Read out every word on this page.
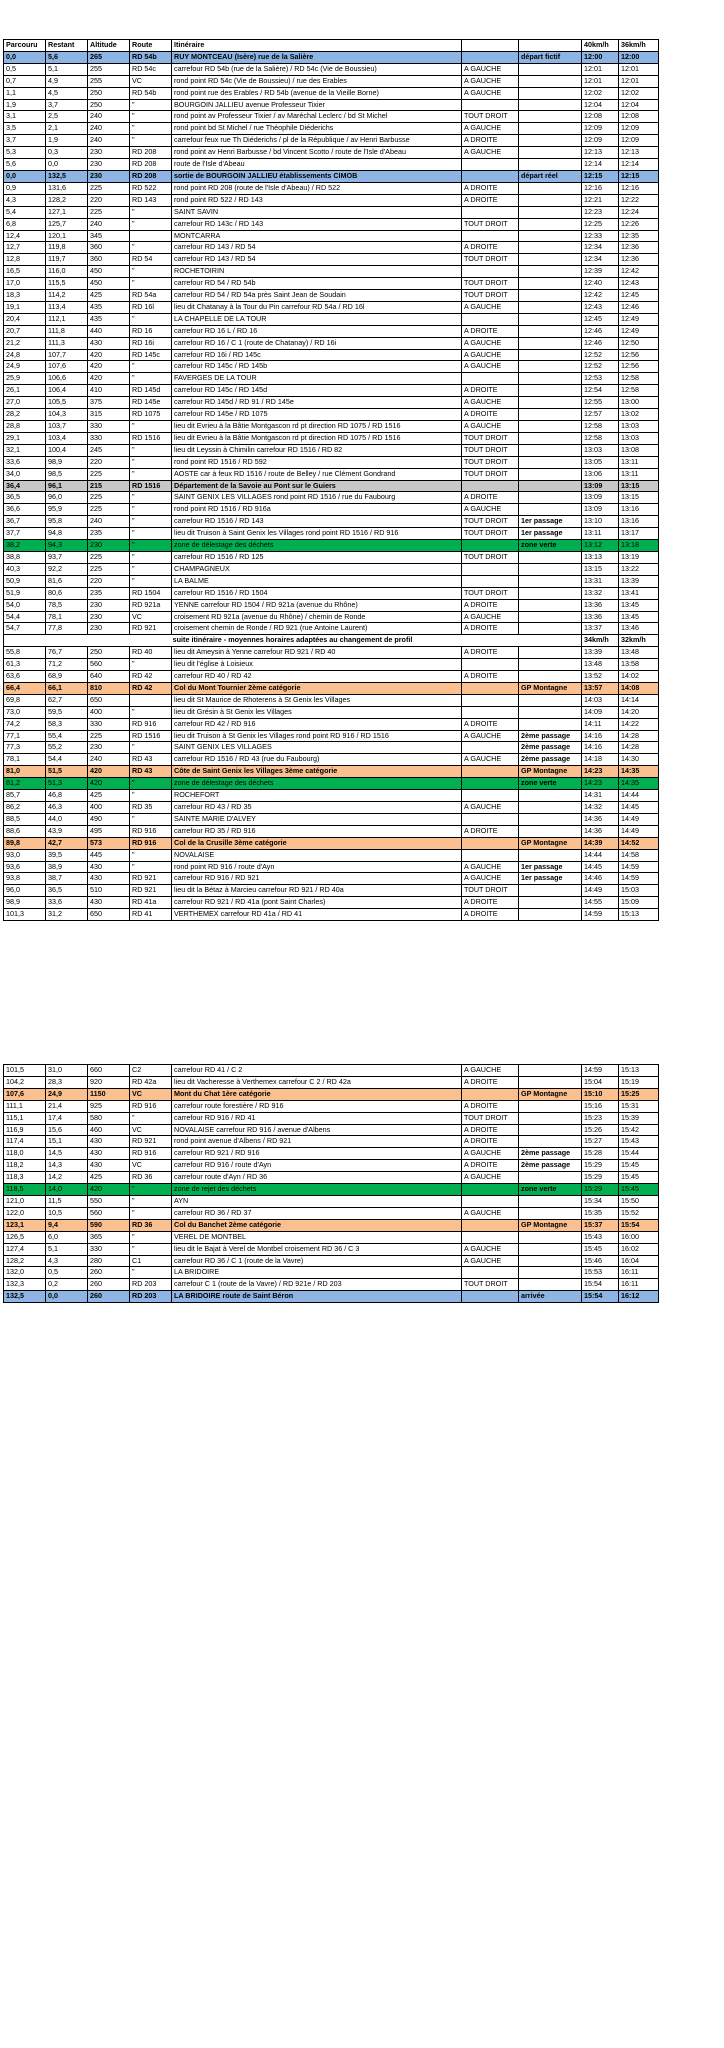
Parcouru	Restant	Altitude	Route	Itinéraire			40km/h	36km/h
0,0	5,6	265	RD 54b	RUY MONTCEAU (Isère) rue de la Salière		départ fictif	12:00	12:00
0,5	5,1	255	RD 54c	carrefour RD 54b (rue de la Salière) / RD 54c (Vie de Boussieu)	A GAUCHE		12:01	12:01
0,7	4,9	255	VC	rond point RD 54c (Vie de Boussieu) / rue des Erables	A GAUCHE		12:01	12:01
1,1	4,5	250	RD 54b	rond point rue des Erables / RD 54b (avenue de la Vieille Borne)	A GAUCHE		12:02	12:02
1,9	3,7	250	"	BOURGOIN JALLIEU avenue Professeur Tixier			12:04	12:04
3,1	2,5	240	"	rond point av Professeur Tixier / av Maréchal Leclerc / bd St Michel	TOUT DROIT		12:08	12:08
3,5	2,1	240	"	rond point bd St Michel / rue Théophile Diéderichs	A GAUCHE		12:09	12:09
3,7	1,9	240	"	carrefour feux rue Th Diéderichs / pl de la République / av Henri Barbusse	A DROITE		12:09	12:09
5,3	0,3	230	RD 208	rond point av Henri Barbusse / bd Vincent Scotto / route de l'Isle d'Abeau	A GAUCHE		12:13	12:13
5,6	0,0	230	RD 208	route de l'Isle d'Abeau			12:14	12:14
0,0	132,5	230	RD 208	sortie de BOURGOIN JALLIEU établissements CIMOB		départ réel	12:15	12:15
0,9	131,6	225	RD 522	rond point RD 208 (route de l'Isle d'Abeau) / RD 522	A DROITE		12:16	12:16
4,3	128,2	220	RD 143	rond point RD 522 / RD 143	A DROITE		12:21	12:22
5,4	127,1	225	"	SAINT SAVIN			12:23	12:24
6,8	125,7	240	"	carrefour RD 143c / RD 143	TOUT DROIT		12:25	12:26
12,4	120,1	345		MONTCARRA			12:33	12:35
12,7	119,8	360	"	carrefour RD 143 / RD 54	A DROITE		12:34	12:36
12,8	119,7	360	RD 54	carrefour RD 143 / RD 54	TOUT DROIT		12:34	12:36
16,5	116,0	450	"	ROCHETOIRIN			12:39	12:42
17,0	115,5	450	"	carrefour RD 54 / RD 54b	TOUT DROIT		12:40	12:43
18,3	114,2	425	RD 54a	carrefour RD 54 / RD 54a près Saint Jean de Soudain	TOUT DROIT		12:42	12:45
19,1	113,4	435	RD 16l	lieu dit Chatanay à la Tour du Pin carrefour RD 54a / RD 16l	A GAUCHE		12:43	12:46
20,4	112,1	435	"	LA CHAPELLE DE LA TOUR			12:45	12:49
20,7	111,8	440	RD 16	carrefour RD 16 L / RD 16	A DROITE		12:46	12:49
21,2	111,3	430	RD 16i	carrefour RD 16 / C 1 (route de Chatanay) / RD 16i	A GAUCHE		12:46	12:50
24,8	107,7	420	RD 145c	carrefour RD 16i / RD 145c	A GAUCHE		12:52	12:56
24,9	107,6	420	"	carrefour RD 145c / RD 145b	A GAUCHE		12:52	12:56
25,9	106,6	420	"	FAVERGES DE LA TOUR			12:53	12:58
26,1	106,4	410	RD 145d	carrefour RD 145c / RD 145d	A DROITE		12:54	12:58
27,0	105,5	375	RD 145e	carrefour RD 145d / RD 91 / RD 145e	A GAUCHE		12:55	13:00
28,2	104,3	315	RD 1075	carrefour RD 145e / RD 1075	A DROITE		12:57	13:02
28,8	103,7	330	"	lieu dit Evrieu à la Bâtie Montgascon rd pt direction RD 1075 / RD 1516	A GAUCHE		12:58	13:03
29,1	103,4	330	RD 1516	lieu dit Evrieu à la Bâtie Montgascon rd pt direction RD 1075 / RD 1516	TOUT DROIT		12:58	13:03
32,1	100,4	245	"	lieu dit Leyssin à Chimilin carrefour RD 1516 / RD 82	TOUT DROIT		13:03	13:08
33,6	98,9	220	"	rond point RD 1516 / RD 592	TOUT DROIT		13:05	13:11
34,0	98,5	225	"	AOSTE car à feux RD 1516 / route de Belley / rue Clément Gondrand	TOUT DROIT		13:06	13:11
36,4	96,1	215	RD 1516	Département de la Savoie au Pont sur le Guiers			13:09	13:15
36,5	96,0	225	"	SAINT GENIX LES VILLAGES rond point RD 1516 / rue du Faubourg	A DROITE		13:09	13:15
36,6	95,9	225	"	rond point RD 1516 / RD 916a	A GAUCHE		13:09	13:16
36,7	95,8	240	"	carrefour RD 1516 / RD 143	TOUT DROIT	1er passage	13:10	13:16
37,7	94,8	235	"	lieu dit Truison à Saint Genix les Villages rond point RD 1516 / RD 916	TOUT DROIT	1er passage	13:11	13:17
38,2	94,3	230	"	zone de délestage des déchets		zone verte	13:12	13:18
38,8	93,7	225	"	carrefour RD 1516 / RD 125	TOUT DROIT		13:13	13:19
40,3	92,2	225	"	CHAMPAGNEUX			13:15	13:22
50,9	81,6	220	"	LA BALME			13:31	13:39
51,9	80,6	235	RD 1504	carrefour RD 1516 / RD 1504	TOUT DROIT		13:32	13:41
54,0	78,5	230	RD 921a	YENNE carrefour RD 1504 / RD 921a (avenue du Rhône)	A DROITE		13:36	13:45
54,4	78,1	230	VC	croisement RD 921a (avenue du Rhône) / chemin de Ronde	A GAUCHE		13:36	13:45
54,7	77,8	230	RD 921	croisement chemin de Ronde / RD 921 (rue Antoine Laurent)	A DROITE		13:37	13:46
suite itinéraire - moyennes horaires adaptées au changement de profil							34km/h	32km/h
55,8	76,7	250	RD 40	lieu dit Ameysin à Yenne carrefour RD 921 / RD 40	A DROITE		13:39	13:48
61,3	71,2	560	"	lieu dit l'église à Loisieux			13:48	13:58
63,6	68,9	640	RD 42	carrefour RD 40 / RD 42	A DROITE		13:52	14:02
66,4	66,1	810	RD 42	Col du Mont Tournier 2ème catégorie		GP Montagne	13:57	14:08
69,8	62,7	650		lieu dit St Maurice de Rhoterens à St Genix les Villages			14:03	14:14
73,0	59,5	400	"	lieu dit Grésin à St Genix les Villages			14:09	14:20
74,2	58,3	330	RD 916	carrefour RD 42 / RD 916	A DROITE		14:11	14:22
77,1	55,4	225	RD 1516	lieu dit Truison à St Genix les Villages rond point RD 916 / RD 1516	A GAUCHE	2ème passage	14:16	14:28
77,3	55,2	230	"	SAINT GENIX LES VILLAGES		2ème passage	14:16	14:28
78,1	54,4	240	RD 43	carrefour RD 1516 / RD 43 (rue du Faubourg)	A GAUCHE	2ème passage	14:18	14:30
81,0	51,5	420	RD 43	Côte de Saint Genix les Villages 3ème catégorie		GP Montagne	14:23	14:35
81,2	51,3	420	"	zone de délestage des déchets		zone verte	14:23	14:35
85,7	46,8	425	"	ROCHEFORT			14:31	14:44
86,2	46,3	400	RD 35	carrefour RD 43 / RD 35	A GAUCHE		14:32	14:45
88,5	44,0	490	"	SAINTE MARIE D'ALVEY			14:36	14:49
88,6	43,9	495	RD 916	carrefour RD 35 / RD 916	A DROITE		14:36	14:49
89,8	42,7	573	RD 916	Col de la Crusille 3ème catégorie		GP Montagne	14:39	14:52
93,0	39,5	445	"	NOVALAISE			14:44	14:58
93,6	38,9	430	"	rond point RD 916 / route d'Ayn	A GAUCHE	1er passage	14:45	14:59
93,8	38,7	430	RD 921	carrefour RD 916 / RD 921	A GAUCHE	1er passage	14:46	14:59
96,0	36,5	510	RD 921	lieu dit la Bétaz à Marcieu carrefour RD 921 / RD 40a	TOUT DROIT		14:49	15:03
98,9	33,6	430	RD 41a	carrefour RD 921 / RD 41a (pont Saint Charles)	A DROITE		14:55	15:09
101,3	31,2	650	RD 41	VERTHEMEX carrefour RD 41a / RD 41	A DROITE		14:59	15:13
101,5	31,0	660	C2	carrefour RD 41 / C 2	A GAUCHE		14:59	15:13
104,2	28,3	920	RD 42a	lieu dit Vacheresse à Verthemex carrefour C 2 / RD 42a	A DROITE		15:04	15:19
107,6	24,9	1150	VC	Mont du Chat 1ère catégorie		GP Montagne	15:10	15:25
111,1	21,4	925	RD 916	carrefour route forestière / RD 916	A DROITE		15:16	15:31
115,1	17,4	580	"	carrefour RD 916 / RD 41	TOUT DROIT		15:23	15:39
116,9	15,6	460	VC	NOVALAISE carrefour RD 916 / avenue d'Albens	A DROITE		15:26	15:42
117,4	15,1	430	RD 921	rond point avenue d'Albens / RD 921	A DROITE		15:27	15:43
118,0	14,5	430	RD 916	carrefour RD 921 / RD 916	A GAUCHE	2ème passage	15:28	15:44
118,2	14,3	430	VC	carrefour RD 916 / route d'Ayn	A DROITE	2ème passage	15:29	15:45
118,3	14,2	425	RD 36	carrefour route d'Ayn / RD 36	A GAUCHE		15:29	15:45
118,5	14,0	420	"	zone de rejet des déchets		zone verte	15:29	15:45
121,0	11,5	550	"	AYN			15:34	15:50
122,0	10,5	560	"	carrefour RD 36 / RD 37	A GAUCHE		15:35	15:52
123,1	9,4	590	RD 36	Col du Banchet 2ème catégorie		GP Montagne	15:37	15:54
126,5	6,0	365	"	VEREL DE MONTBEL			15:43	16:00
127,4	5,1	330	"	lieu dit le Bajat à Verel de Montbel croisement RD 36 / C 3	A GAUCHE		15:45	16:02
128,2	4,3	280	C1	carrefour RD 36 / C 1 (route de la Vavre)	A GAUCHE		15:46	16:04
132,0	0,5	260	"	LA BRIDOIRE			15:53	16:11
132,3	0,2	260	RD 203	carrefour C 1 (route de la Vavre) / RD 921e / RD 203	TOUT DROIT		15:54	16:11
132,5	0,0	260	RD 203	LA BRIDOIRE route de Saint Béron		arrivée	15:54	16:12
